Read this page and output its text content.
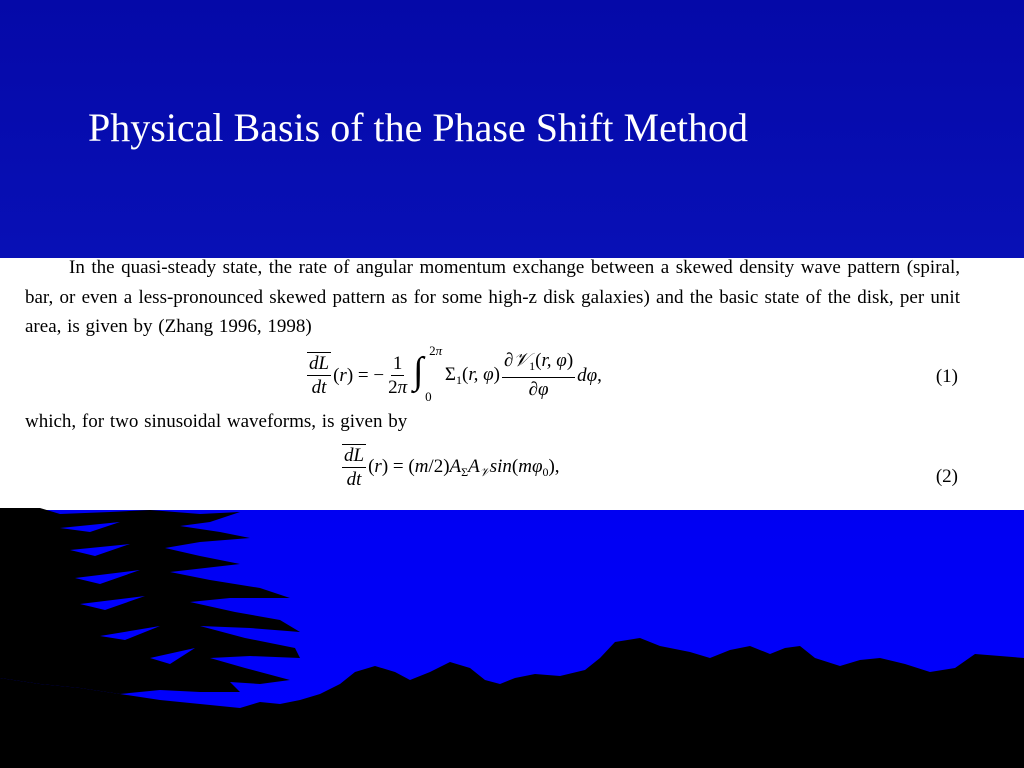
Physical Basis of the Phase Shift Method
In the quasi-steady state, the rate of angular momentum exchange between a skewed density wave pattern (spiral, bar, or even a less-pronounced skewed pattern as for some high-z disk galaxies) and the basic state of the disk, per unit area, is given by (Zhang 1996, 1998)
$\frac{dL}{dt} (r)$ = − $\frac{1}{2\pi}$ ∫ 2π
0
 $\Sigma_1(r$, $\varphi) \frac{\partial 𝒱_1(r, \varphi)}{\partial\varphi} d\varphi$,	(1)
which, for two sinusoidal waveforms, is given by
$\frac{dL}{dt} (r) = (m/2)A_\Sigma A_𝒱\sin(m\varphi_0)$,	(2)
